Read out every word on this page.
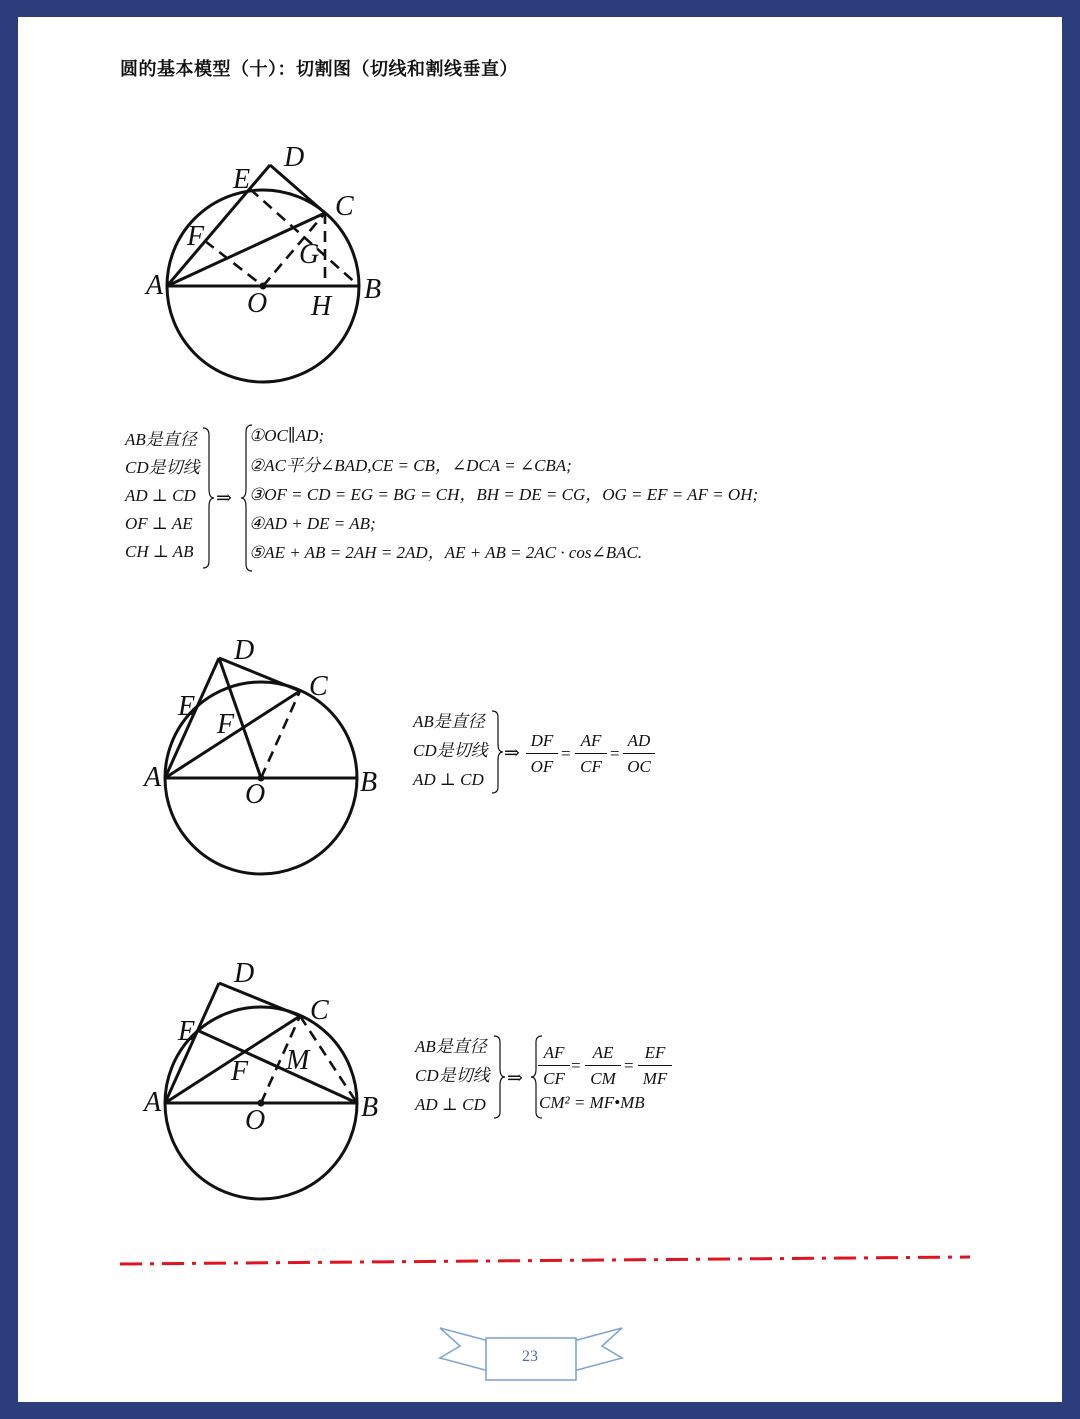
圆的基本模型（十）：切割图（切线和割线垂直）
D
E
C
F
G
A
O H
B
AB是直径
CD是切线
AD ⊥ CD
OF ⊥ AE
CH ⊥ AB
⇒
①OC∥AD;
②AC平分∠BAD,CE = CB，∠DCA = ∠CBA;
③OF = CD = EG = BG = CH，BH = DE = CG，OG = EF = AF = OH;
④AD + DE = AB;
⑤AE + AB = 2AH = 2AD，AE + AB = 2AC · cos∠BAC.
D
C
E
F
A
O	B
AB是直径
CD是切线
AD ⊥ CD
⇒ $\frac{DF}{OF} = \frac{AF}{CF} = \frac{AD}{OC}$
D
C
E
M
F
A
O	B
AB是直径
CD是切线
AD ⊥ CD
⇒ $\frac{AF}{CF} = \frac{AE}{CM} = \frac{EF}{MF}$
CM² = MF•MB
23
